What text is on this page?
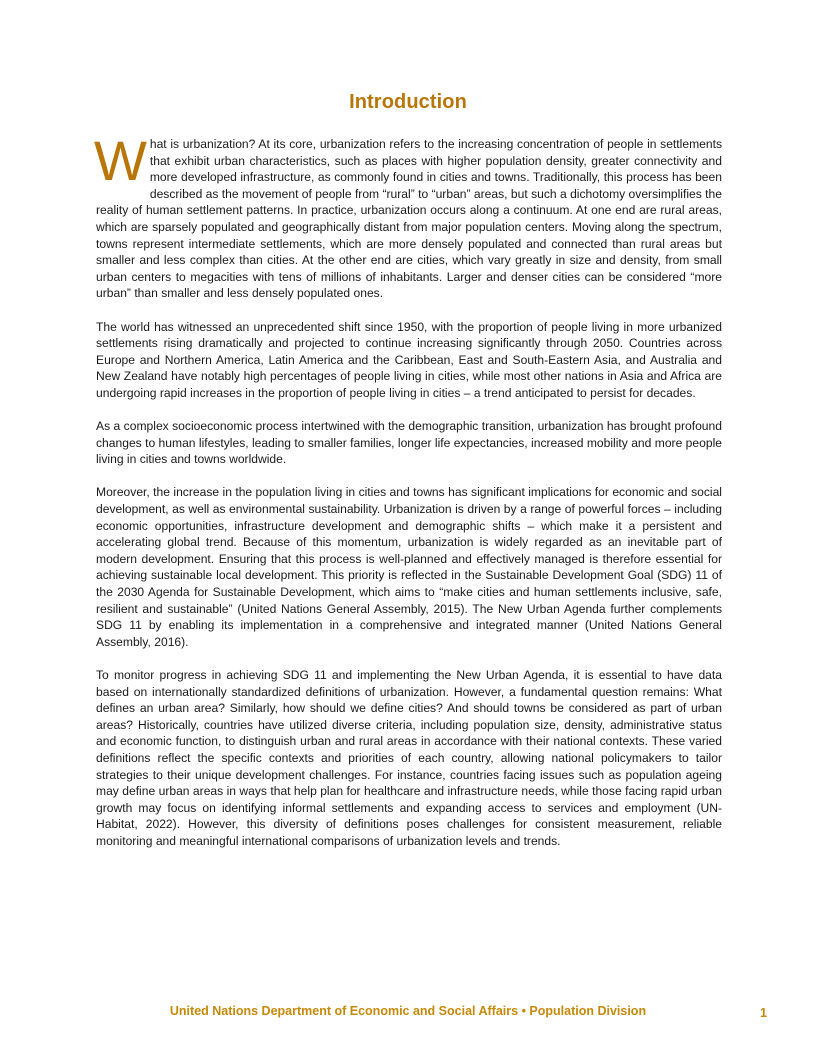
Introduction

What is urbanization? At its core, urbanization refers to the increasing concentration of people in settlements that exhibit urban characteristics, such as places with higher population density, greater connectivity and more developed infrastructure, as commonly found in cities and towns. Traditionally, this process has been described as the movement of people from “rural” to “urban” areas, but such a dichotomy oversimplifies the reality of human settlement patterns. In practice, urbanization occurs along a continuum. At one end are rural areas, which are sparsely populated and geographically distant from major population centers. Moving along the spectrum, towns represent intermediate settlements, which are more densely populated and connected than rural areas but smaller and less complex than cities. At the other end are cities, which vary greatly in size and density, from small urban centers to megacities with tens of millions of inhabitants. Larger and denser cities can be considered “more urban” than smaller and less densely populated ones.

The world has witnessed an unprecedented shift since 1950, with the proportion of people living in more urbanized settlements rising dramatically and projected to continue increasing significantly through 2050. Countries across Europe and Northern America, Latin America and the Caribbean, East and South-Eastern Asia, and Australia and New Zealand have notably high percentages of people living in cities, while most other nations in Asia and Africa are undergoing rapid increases in the proportion of people living in cities – a trend anticipated to persist for decades.

As a complex socioeconomic process intertwined with the demographic transition, urbanization has brought profound changes to human lifestyles, leading to smaller families, longer life expectancies, increased mobility and more people living in cities and towns worldwide.

Moreover, the increase in the population living in cities and towns has significant implications for economic and social development, as well as environmental sustainability. Urbanization is driven by a range of powerful forces – including economic opportunities, infrastructure development and demographic shifts – which make it a persistent and accelerating global trend. Because of this momentum, urbanization is widely regarded as an inevitable part of modern development. Ensuring that this process is well-planned and effectively managed is therefore essential for achieving sustainable local development. This priority is reflected in the Sustainable Development Goal (SDG) 11 of the 2030 Agenda for Sustainable Development, which aims to “make cities and human settlements inclusive, safe, resilient and sustainable” (United Nations General Assembly, 2015). The New Urban Agenda further complements SDG 11 by enabling its implementation in a comprehensive and integrated manner (United Nations General Assembly, 2016).

To monitor progress in achieving SDG 11 and implementing the New Urban Agenda, it is essential to have data based on internationally standardized definitions of urbanization. However, a fundamental question remains: What defines an urban area? Similarly, how should we define cities? And should towns be considered as part of urban areas? Historically, countries have utilized diverse criteria, including population size, density, administrative status and economic function, to distinguish urban and rural areas in accordance with their national contexts. These varied definitions reflect the specific contexts and priorities of each country, allowing national policymakers to tailor strategies to their unique development challenges. For instance, countries facing issues such as population ageing may define urban areas in ways that help plan for healthcare and infrastructure needs, while those facing rapid urban growth may focus on identifying informal settlements and expanding access to services and employment (UN-Habitat, 2022). However, this diversity of definitions poses challenges for consistent measurement, reliable monitoring and meaningful international comparisons of urbanization levels and trends.

United Nations Department of Economic and Social Affairs • Population Division	1
